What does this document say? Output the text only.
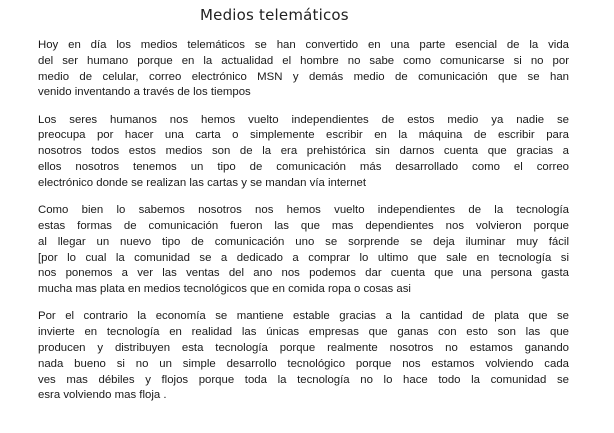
Medios telemáticos

Hoy en día los medios telemáticos se han convertido en una parte esencial de la vida
del ser humano porque en la actualidad el hombre no sabe como comunicarse si no por
medio de celular, correo electrónico MSN y demás medio de comunicación que se han
venido inventando a través de los tiempos

Los seres humanos nos hemos vuelto independientes de estos medio ya nadie se
preocupa por hacer una carta o simplemente escribir en la máquina de escribir para
nosotros todos estos medios son de la era prehistórica sin darnos cuenta que gracias a
ellos nosotros tenemos un tipo de comunicación más desarrollado como el correo
electrónico donde se realizan las cartas y se mandan vía internet

Como bien lo sabemos nosotros nos hemos vuelto independientes de la tecnología
estas formas de comunicación fueron las que mas dependientes nos volvieron porque
al llegar un nuevo tipo de comunicación uno se sorprende se deja iluminar muy fácil
[por lo cual la comunidad se a dedicado a comprar lo ultimo que sale en tecnología si
nos ponemos a ver las ventas del ano nos podemos dar cuenta que una persona gasta
mucha mas plata en medios tecnológicos que en comida ropa o cosas asi

Por el contrario la economía se mantiene estable gracias a la cantidad de plata que se
invierte en tecnología en realidad las únicas empresas que ganas con esto son las que
producen y distribuyen esta tecnología porque realmente nosotros no estamos ganando
nada bueno si no un simple desarrollo tecnológico porque nos estamos volviendo cada
ves mas débiles y flojos porque toda la tecnología no lo hace todo la comunidad se
esra volviendo mas floja .
